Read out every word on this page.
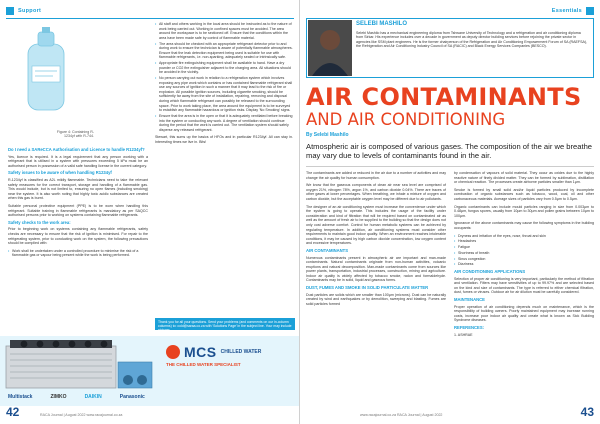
Support
Figure 4: Containing R-1234yf with R-744.
Do I need a SAReCCA Authorisation and Licence to handle R1234yf?

Yes, licence is required. It is a legal requirement that any person working with a refrigerant that is utilised in a system with pressures exceeding 5 kPa must be an authorised person in possession of a valid safe handling license in the current category.

Safety issues to be aware of when handling R1234yf

R-1234yf is classified as A2L mildly flammable. Technicians need to take the relevant safety measures for the correct transport, storage and handling of a flammable gas. This would include, but is not limited to, ensuring no open flames (including smoking) near the system. It is also worth noting that highly toxic acidic substances are created when this gas is burnt.

Suitable personal protective equipment (PPE) is to be worn when handling this refrigerant. Suitable training in flammable refrigerants is mandatory as per SAQCC authorised persons prior to working on systems containing flammable refrigerants.

Safety checks to the work area:

Prior to beginning work on systems containing any flammable refrigerants, safety checks are necessary to ensure that the risk of ignition is minimised. For repair to the refrigerating system, prior to conducting work on the system, the following precautions should be complied with:

• Work shall be undertaken under a controlled procedure to minimise the risk of a flammable gas or vapour being present while the work is being performed.
• All staff and others working in the local area should be instructed as to the nature of work being carried out. Working in confined spaces must be avoided. The area around the workspace is to be sectioned off. Ensure that the conditions within the area have been made safe by control of flammable material.
• The area should be checked with an appropriate refrigerant detector prior to and during work to ensure the technician is aware of potentially flammable atmospheres. Ensure that the leak detection equipment being used is suitable for use with flammable refrigerants, i.e. non-sparking, adequately sealed or intrinsically safe.
• Appropriate fire extinguishing equipment shall be available to hand. Have a dry powder or CO2 fire extinguisher adjacent to the charging area. All situations should be avoided in the vicinity.
• No person carrying out work in relation to a refrigeration system which involves exposing any pipe work which contains or has contained flammable refrigerant shall use any sources of ignition in such a manner that it may lead to the risk of fire or explosion. All possible ignition sources, including cigarette smoking, should be sufficiently far away from the site of installation, repairing, removing and disposal during which flammable refrigerant can possibly be released to the surrounding space. Prior to work taking place, the area around the equipment is to be surveyed to establish any flammable hazardous or ignition risks. Display 'No Smoking' signs.
• Ensure that the area is in the open or that it is adequately ventilated before breaking into the system or conducting any work. A degree of ventilation should continue during the period that the work is carried out. The ventilation system should safely disperse any released refrigerant.

Stewart, this sums up the basics of HFOs and in particular R1234yf. All can stay in. Interesting times we live in. Bits!

Thank you for all your questions. Send your problems (and comments on our in-column columns) to: cold@saraa.co.za with 'Solutions Page' in the subject line. Your may include pictures.
MCS CHILLED WATER
THE CHILLED WATER SPECIALIST
Multistack	ZIMKO	DAIKIN	Panasonic
42	RACA Journal | August 2022 www.racajournal.co.za
Essentials
SELEBI MASHILO
Selebi Mashilo has a mechanical engineering diploma from Tshwane University of Technology and a refrigeration and air conditioning diploma from Sirkar. His experience includes over a decade in government as deputy director building services before rejoining the private sector in agencies like SSM plant engineers. He is the former chairperson of the Refrigeration and Air Conditioning Empowerment Forum of SA (RAEFSA), the Refrigeration and Air Conditioning Industry Council of SA (RACIC) and Black Energy Services Companies (BESCO).
AIR CONTAMINANTS
AND AIR CONDITIONING
By Selebi Mashilo
Atmospheric air is composed of various gases. The composition of the air we breathe may vary due to levels of contaminants found in the air.

The contaminants are added or reduced in the air due to a number of activities and may change the air quality for human consumption.

We know that the gaseous components of clean air near sea level are comprised of oxygen 21%, nitrogen 78%, argon 1%, and carbon dioxide 0.04%. There are traces of other gases at lower percentages. When breathing, we inhale a mixture of oxygen and carbon dioxide, but the acceptable oxygen level may be different due to air pollutants.

The designer of an air conditioning system must increase the convenience under which the system is going to operate. This includes the usage of the facility under consideration and kind of filtration that will be required based on contaminated air as well as the amount of fresh air to be supplied to the building so that the design does not only cost adverse comfort. Control for human metabolic systems can be achieved by regulating temperature. In addition, air conditioning systems must consider other requirements to maintain good indoor quality. When an environment reaches intolerable conditions, it may be caused by high carbon dioxide concentration, low oxygen content and excessive temperatures.

AIR CONTAMINANTS

Numerous contaminants present in atmospheric air are important and man-made contaminants. Natural contaminants originate from non-human activities, volcanic eruptions and natural decomposition. Man-made contaminants come from sources like power plants, transportation, industrial processes, construction, mining and agriculture. Indoor air quality is widely affected by tobacco smoke, radon and formaldehyde. Contaminants may be in solid, liquid and gaseous forms.

DUST, FUMES AND SMOKE IN SOLID PARTICULATE MATTER

Dust particles are solids which are smaller than 100µm (microns). Dust can be naturally created by wind and earthquakes or by demolition, sweeping and blasting. Fumes are solid particles formed

by condensation of vapours of solid material. They occur as oxides due to the highly reactive nature of finely divided matter. They can be formed by sublimation, distillation or chemical reaction. The processes create airborne particles smaller than 1µm.

Smoke is formed by small solid and/or liquid particles produced by incomplete combustion of organic substances such as tobacco, wood, coal, oil and other carbonaceous materials. Average sizes of particles vary from 0.5µm to 0.5µm.

Organic contaminants can include mould particles ranging in size from 0.003µm to 0.48µm, fungus spores, usually from 10µm to 30µm and pollen grains between 10µm to 100µm.

Ignorance of the above contaminants may cause the following symptoms in the building occupants:

• Dryness and irritation of the eyes, nose, throat and skin
• Headaches
• Fatigue
• Shortness of breath
• Sinus congestion
• Dizziness
AIR CONDITIONING APPLICATIONS

Selection of proper air conditioning is very important, particularly the method of filtration and ventilation. Filters may have sensitivities of up to 99.97% and are selected based on the kind and size of contaminants. The type is referred to either chemical filtration, dust, fumes or viruses. Outdoor air for air dilution must be carefully considered.

MAINTENANCE

Proper operation of air conditioning depends much on maintenance, which is the responsibility of building owners. Poorly maintained equipment may increase running costs, increase poor indoor air quality and create what is known as Sick Building Syndrome diseases.

REFERENCES:

1. ASHRAE

www.racajournal.co.za RACA Journal | August 2022	43
